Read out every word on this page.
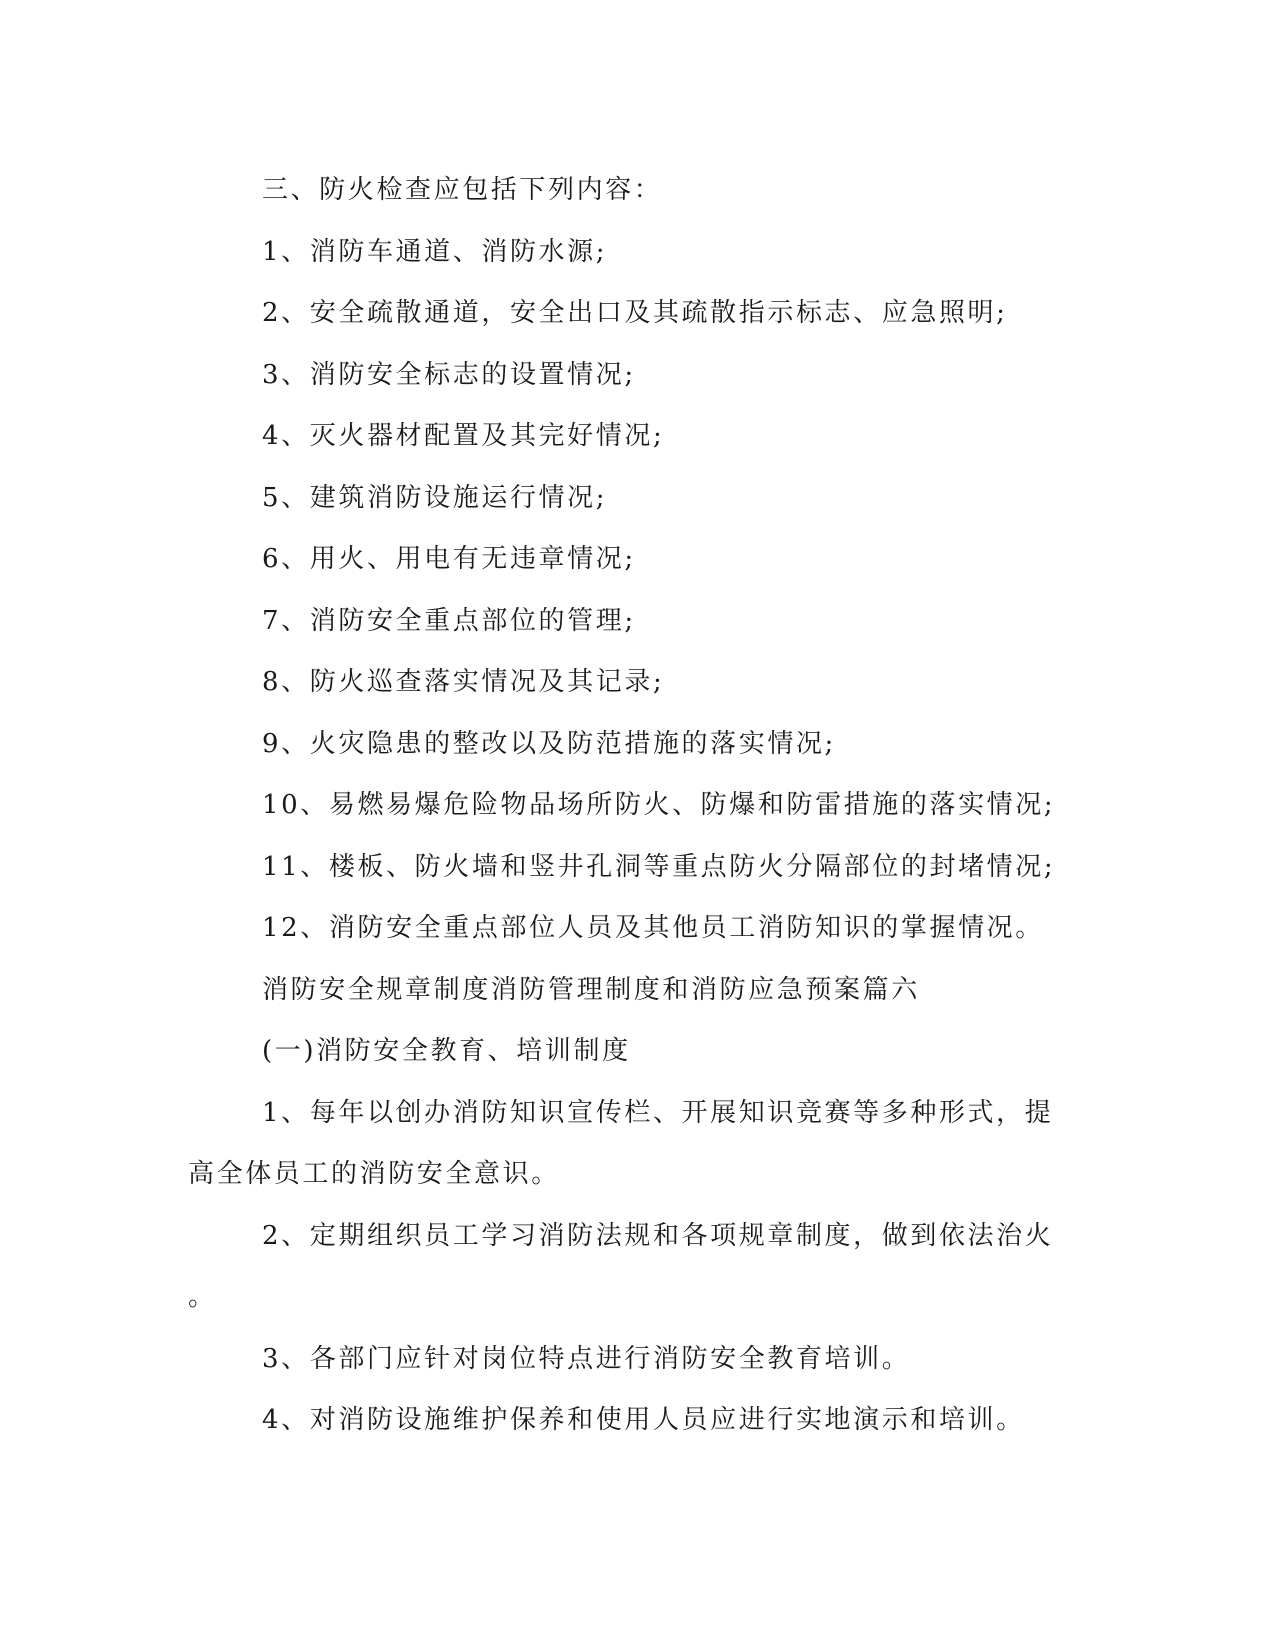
三、防火检查应包括下列内容：

1、消防车通道、消防水源;

2、安全疏散通道，安全出口及其疏散指示标志、应急照明;

3、消防安全标志的设置情况;

4、灭火器材配置及其完好情况;

5、建筑消防设施运行情况;

6、用火、用电有无违章情况;

7、消防安全重点部位的管理;

8、防火巡查落实情况及其记录;

9、火灾隐患的整改以及防范措施的落实情况;

10、易燃易爆危险物品场所防火、防爆和防雷措施的落实情况;

11、楼板、防火墙和竖井孔洞等重点防火分隔部位的封堵情况;

12、消防安全重点部位人员及其他员工消防知识的掌握情况。

消防安全规章制度消防管理制度和消防应急预案篇六

(一)消防安全教育、培训制度

1、每年以创办消防知识宣传栏、开展知识竞赛等多种形式，提

高全体员工的消防安全意识。

2、定期组织员工学习消防法规和各项规章制度，做到依法治火

。

3、各部门应针对岗位特点进行消防安全教育培训。

4、对消防设施维护保养和使用人员应进行实地演示和培训。
